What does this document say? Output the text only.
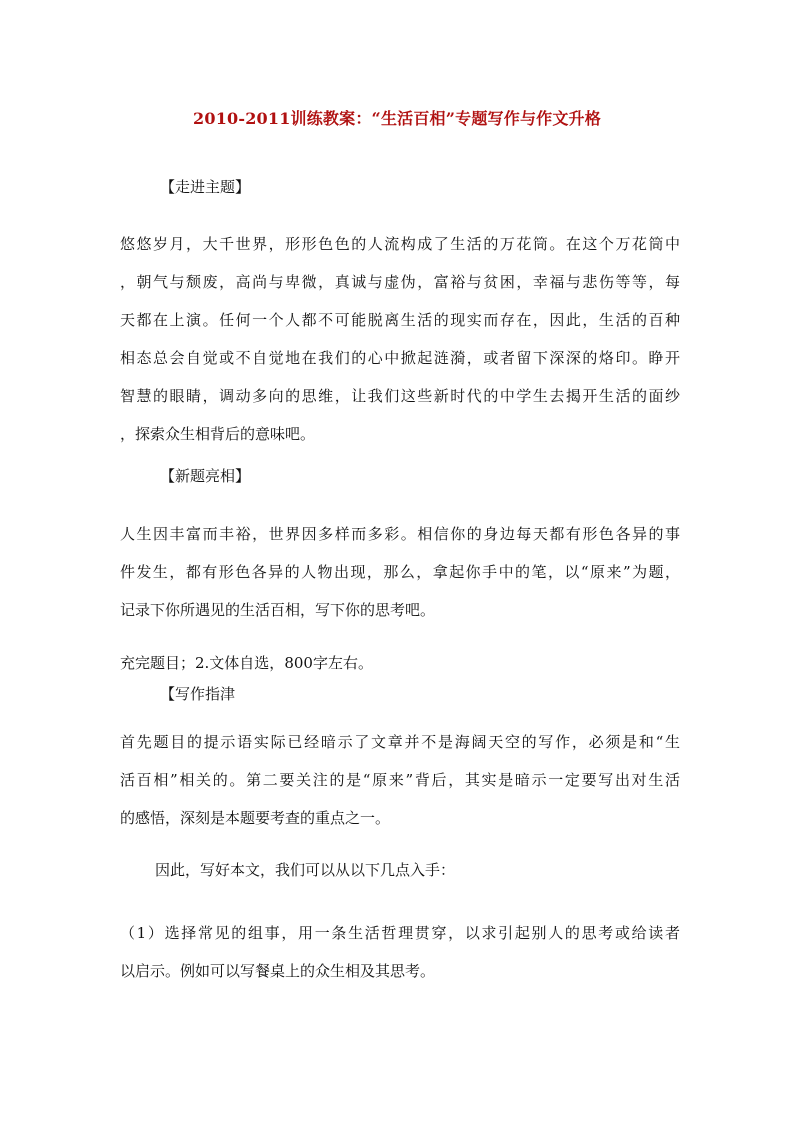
2010-2011训练教案：“生活百相”专题写作与作文升格
【走进主题】
悠悠岁月，大千世界，形形色色的人流构成了生活的万花筒。在这个万花筒中
，朝气与颓废，高尚与卑微，真诚与虚伪，富裕与贫困，幸福与悲伤等等，每
天都在上演。任何一个人都不可能脱离生活的现实而存在，因此，生活的百种
相态总会自觉或不自觉地在我们的心中掀起涟漪，或者留下深深的烙印。睁开
智慧的眼睛，调动多向的思维，让我们这些新时代的中学生去揭开生活的面纱
，探索众生相背后的意味吧。
【新题亮相】
人生因丰富而丰裕，世界因多样而多彩。相信你的身边每天都有形色各异的事
件发生，都有形色各异的人物出现，那么，拿起你手中的笔，以“原来”为题，
记录下你所遇见的生活百相，写下你的思考吧。
充完题目；2.文体自选，800字左右。
【写作指津
首先题目的提示语实际已经暗示了文章并不是海阔天空的写作，必须是和“生
活百相”相关的。第二要关注的是“原来”背后，其实是暗示一定要写出对生活
的感悟，深刻是本题要考查的重点之一。
因此，写好本文，我们可以从以下几点入手：
（1）选择常见的组事，用一条生活哲理贯穿，以求引起别人的思考或给读者
以启示。例如可以写餐桌上的众生相及其思考。
